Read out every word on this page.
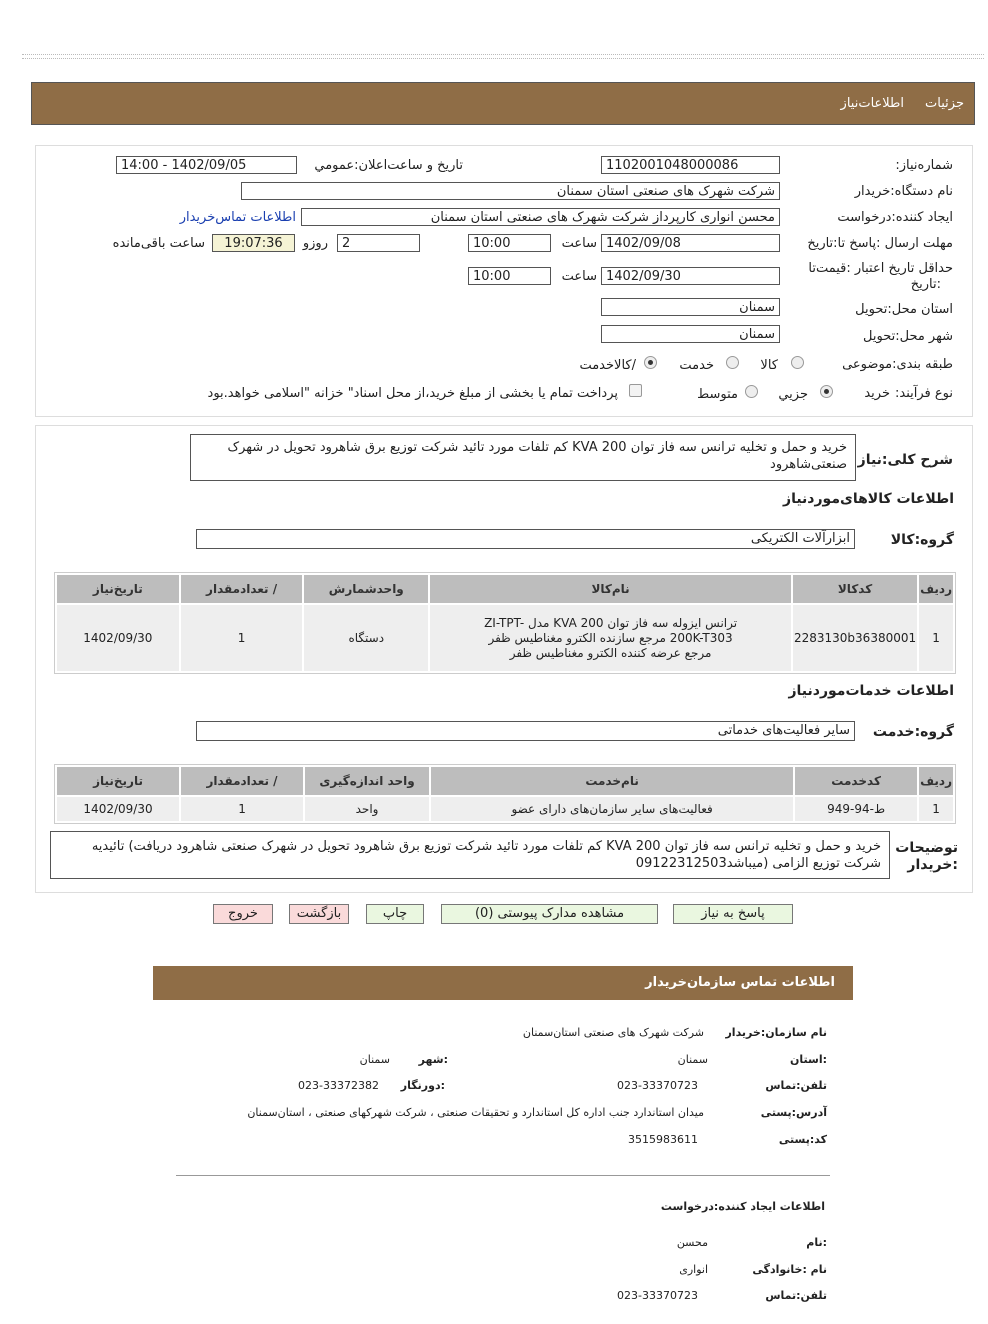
جزئیات
اطلاعات‌نیاز
شماره‌نیاز:
1102001048000086
تاریخ و ساعت‌اعلان‌:عمومي
1402/09/05 - 14:00
نام دستگاه‌:خریدار
شرکت شهرک های صنعتی استان سمنان
ایجاد کننده‌:درخواست
محسن انواری کارپرداز شرکت شهرک های صنعتی استان سمنان
اطلاعات تماس‌خریدار
مهلت ارسال :پاسخ تا:تاریخ
1402/09/08
ساعت
10:00
2
روزو
19:07:36
ساعت باقی‌مانده
حداقل تاریخ اعتبار :قیمت‌تا
:تاریخ
1402/09/30
ساعت
10:00
استان محل‌:تحویل
سمنان
شهر محل‌:تحویل
سمنان
طبقه بندی‌:موضوعی
کالا
خدمت
/کالاخدمت
نوع فرآیند:
خرید
جزيي
متوسط
پرداخت تمام یا بخشی از مبلغ خرید،از محل اسناد" خزانه "اسلامی خواهد.بود
شرح کلی:نیاز
خرید و حمل و تخلیه ترانس سه فاز توان 200 KVA کم تلفات مورد تائید شرکت توزیع برق شاهرود تحویل در شهرک صنعتی‌شاهرود
اطلاعات کالاهای‌موردنیاز
گروه‌:کالا
ابزارآلات الکتریکی
ردیف	کدکالا	نام‌کالا	واحدشمارش	/ تعدادمقدار	تاریخ‌نیاز
1	2283130b36380001	ترانس ایزوله سه فاز توان 200 KVA مدل ZI-TPT-200K-T303 مرجع سازنده الکترو مغناطیس ظفر مرجع عرضه کننده الکترو مغناطیس ظفر	دستگاه	1	1402/09/30
اطلاعات خدمات‌موردنیاز
گروه‌:خدمت
سایر فعالیت‌های خدماتی
ردیف	کدخدمت	نام‌خدمت	واحد اندازه‌گیری	/ تعدادمقدار	تاریخ‌نیاز
1	ط-94-949	فعالیت‌های سایر سازمان‌های دارای عضو	واحد	1	1402/09/30
توضیحات
:خریدار
خرید و حمل و تخلیه ترانس سه فاز توان 200 KVA کم تلفات مورد تائید شرکت توزیع برق شاهرود تحویل در شهرک صنعتی شاهرود دریافت) تائیدیه شرکت توزیع الزامی (میباشد09122312503
پاسخ به نیاز
مشاهده مدارک پیوستی (0)
چاپ
بازگشت
خروج
اطلاعات تماس سازمان‌خریدار
نام سازمان‌:خریدار
شرکت شهرک های صنعتی استان‌سمنان
:استان
سمنان
:شهر
سمنان
تلفن‌:تماس
023-33370723
:دورنگار
023-33372382
آدرس‌:پستی
میدان استاندارد جنب اداره کل استاندارد و تحقیقات صنعتی ، شرکت شهرکهای صنعتی ، استان‌سمنان
کد‌:پستی
3515983611
اطلاعات ایجاد کننده‌:درخواست
:نام
محسن
نام :خانوادگی
انواری
تلفن‌:تماس
023-33370723
